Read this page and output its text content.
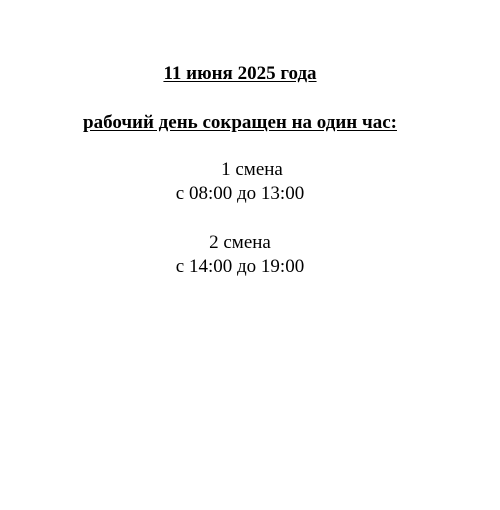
11 июня 2025 года
рабочий день сокращен на один час:
1 смена
с 08:00 до 13:00
2 смена
с 14:00 до 19:00
